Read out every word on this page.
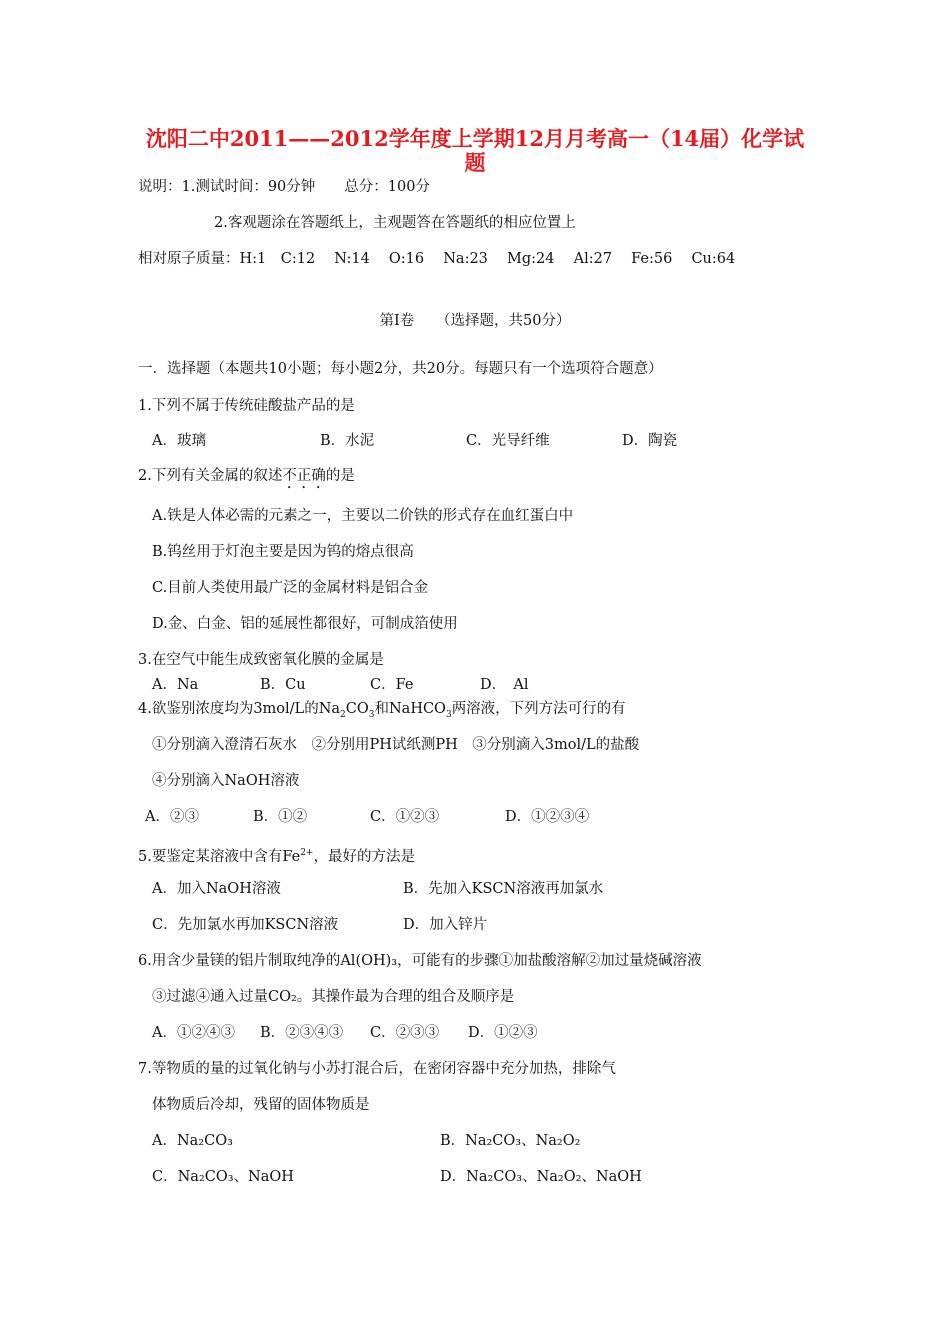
沈阳二中2011——2012学年度上学期12月月考高一（14届）化学试
题
说明：1.测试时间：90分钟　　总分：100分
2.客观题涂在答题纸上，主观题答在答题纸的相应位置上
相对原子质量：H:1　C:12　 N:14　 O:16　 Na:23　 Mg:24　 Al:27　 Fe:56　 Cu:64
第Ⅰ卷　　（选择题，共50分）
一．选择题（本题共10小题；每小题2分，共20分。每题只有一个选项符合题意）
1.下列不属于传统硅酸盐产品的是
A．玻璃	B．水泥	C．光导纤维	D．陶瓷
2.下列有关金属的叙述不正确的是
A.铁是人体必需的元素之一，主要以二价铁的形式存在血红蛋白中
B.钨丝用于灯泡主要是因为钨的熔点很高
C.目前人类使用最广泛的金属材料是铝合金
D.金、白金、铝的延展性都很好，可制成箔使用
3.在空气中能生成致密氧化膜的金属是
A．Na	B．Cu	C．Fe	D．　Al
4.欲鉴别浓度均为3mol/L的$Na_2CO_3$和NaHCO$_3$两溶液，下列方法可行的有
①分别滴入澄清石灰水　②分别用PH试纸测PH　③分别滴入3mol/L的盐酸
④分别滴入NaOH溶液
A．②③	B．①②	C．①②③	D．①②③④
5.要鉴定某溶液中含有$Fe^{2+}$，最好的方法是
A．加入NaOH溶液	B．先加入KSCN溶液再加氯水
C．先加氯水再加KSCN溶液	D．加入锌片
6.用含少量镁的铝片制取纯净的Al(OH)₃，可能有的步骤①加盐酸溶解②加过量烧碱溶液
③过滤④通入过量CO₂。其操作最为合理的组合及顺序是
A．①②④③ B．②③④③ C．②③③ D．①②③
7.等物质的量的过氧化钠与小苏打混合后，在密闭容器中充分加热，排除气
体物质后冷却，残留的固体物质是
A．Na₂CO₃	B．Na₂CO₃、Na₂O₂
C．Na₂CO₃、NaOH	D．Na₂CO₃、Na₂O₂、NaOH
